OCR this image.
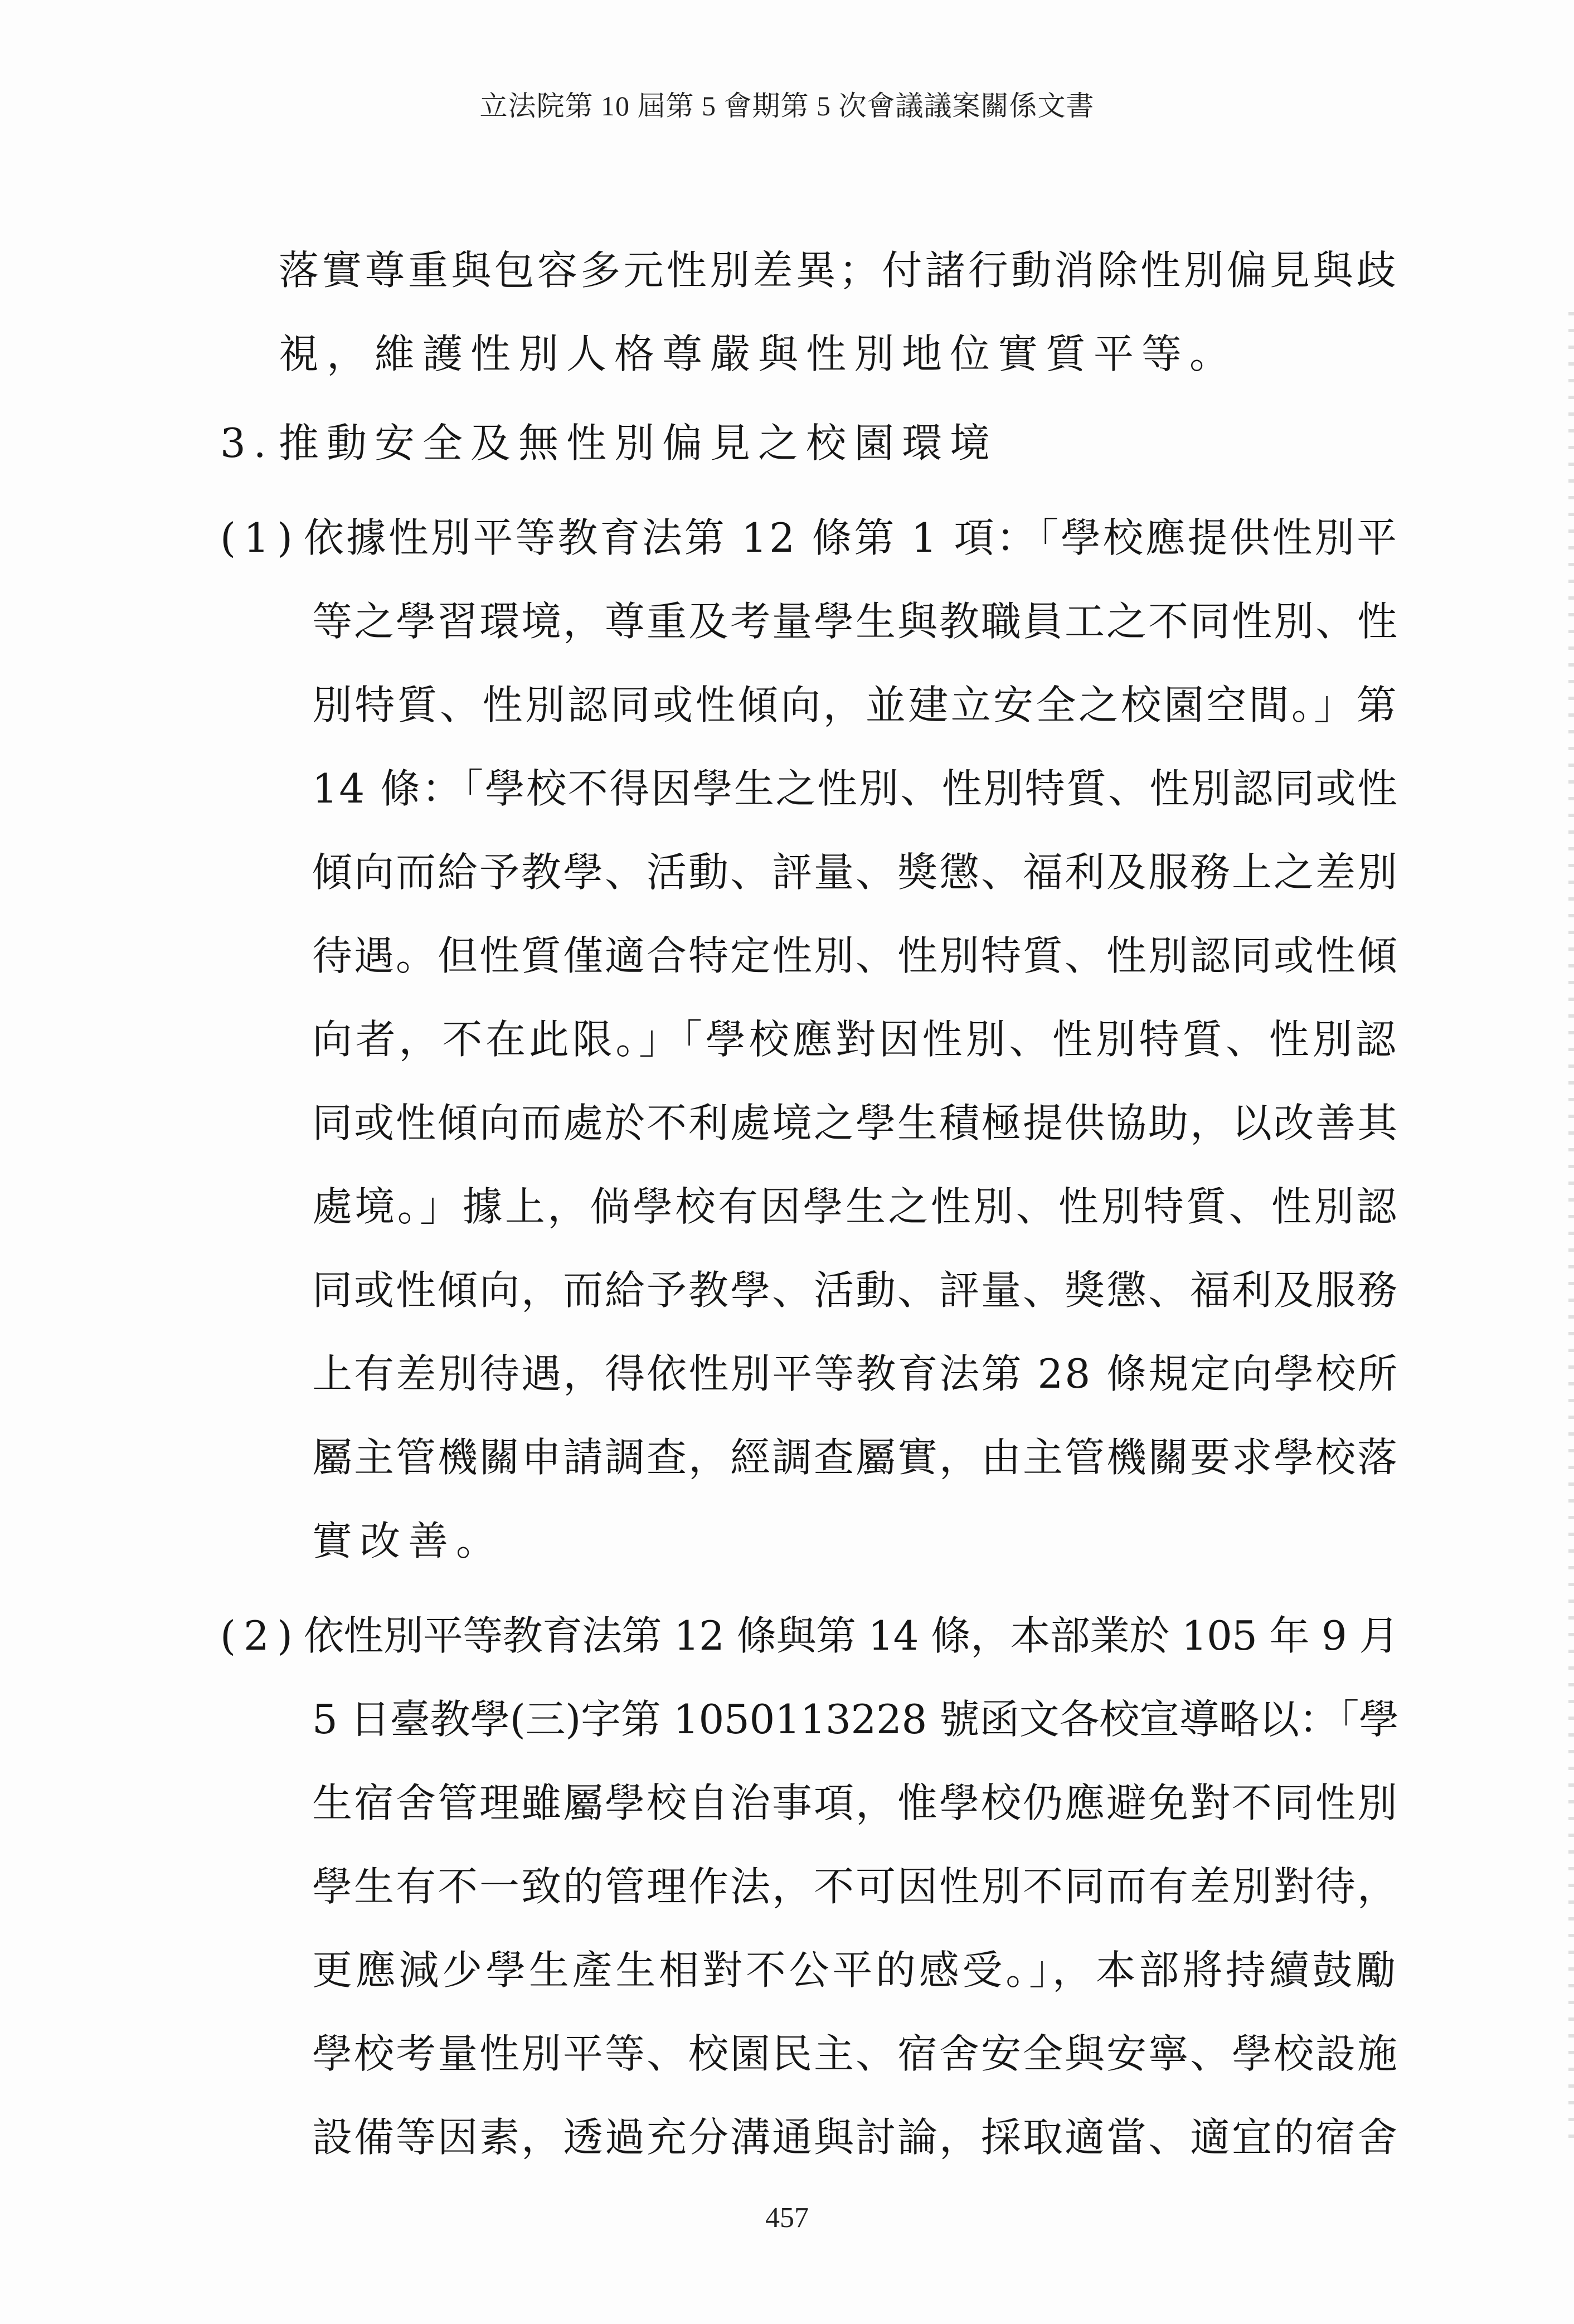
立法院第 10 屆第 5 會期第 5 次會議議案關係文書
落實尊重與包容多元性別差異；付諸行動消除性別偏見與歧
視，維護性別人格尊嚴與性別地位實質平等。
3. 推動安全及無性別偏見之校園環境
(1) 依據性別平等教育法第 12 條第 1 項：「學校應提供性別平
等之學習環境，尊重及考量學生與教職員工之不同性別、性
別特質、性別認同或性傾向，並建立安全之校園空間。」第
14 條：「學校不得因學生之性別、性別特質、性別認同或性
傾向而給予教學、活動、評量、獎懲、福利及服務上之差別
待遇。但性質僅適合特定性別、性別特質、性別認同或性傾
向者，不在此限。」「學校應對因性別、性別特質、性別認
同或性傾向而處於不利處境之學生積極提供協助，以改善其
處境。」據上，倘學校有因學生之性別、性別特質、性別認
同或性傾向，而給予教學、活動、評量、獎懲、福利及服務
上有差別待遇，得依性別平等教育法第 28 條規定向學校所
屬主管機關申請調查，經調查屬實，由主管機關要求學校落
實改善。
(2) 依性別平等教育法第 12 條與第 14 條，本部業於 105 年 9 月
5 日臺教學(三)字第 1050113228 號函文各校宣導略以：「學
生宿舍管理雖屬學校自治事項，惟學校仍應避免對不同性別
學生有不一致的管理作法，不可因性別不同而有差別對待，
更應減少學生產生相對不公平的感受。」，本部將持續鼓勵
學校考量性別平等、校園民主、宿舍安全與安寧、學校設施
設備等因素，透過充分溝通與討論，採取適當、適宜的宿舍
457
